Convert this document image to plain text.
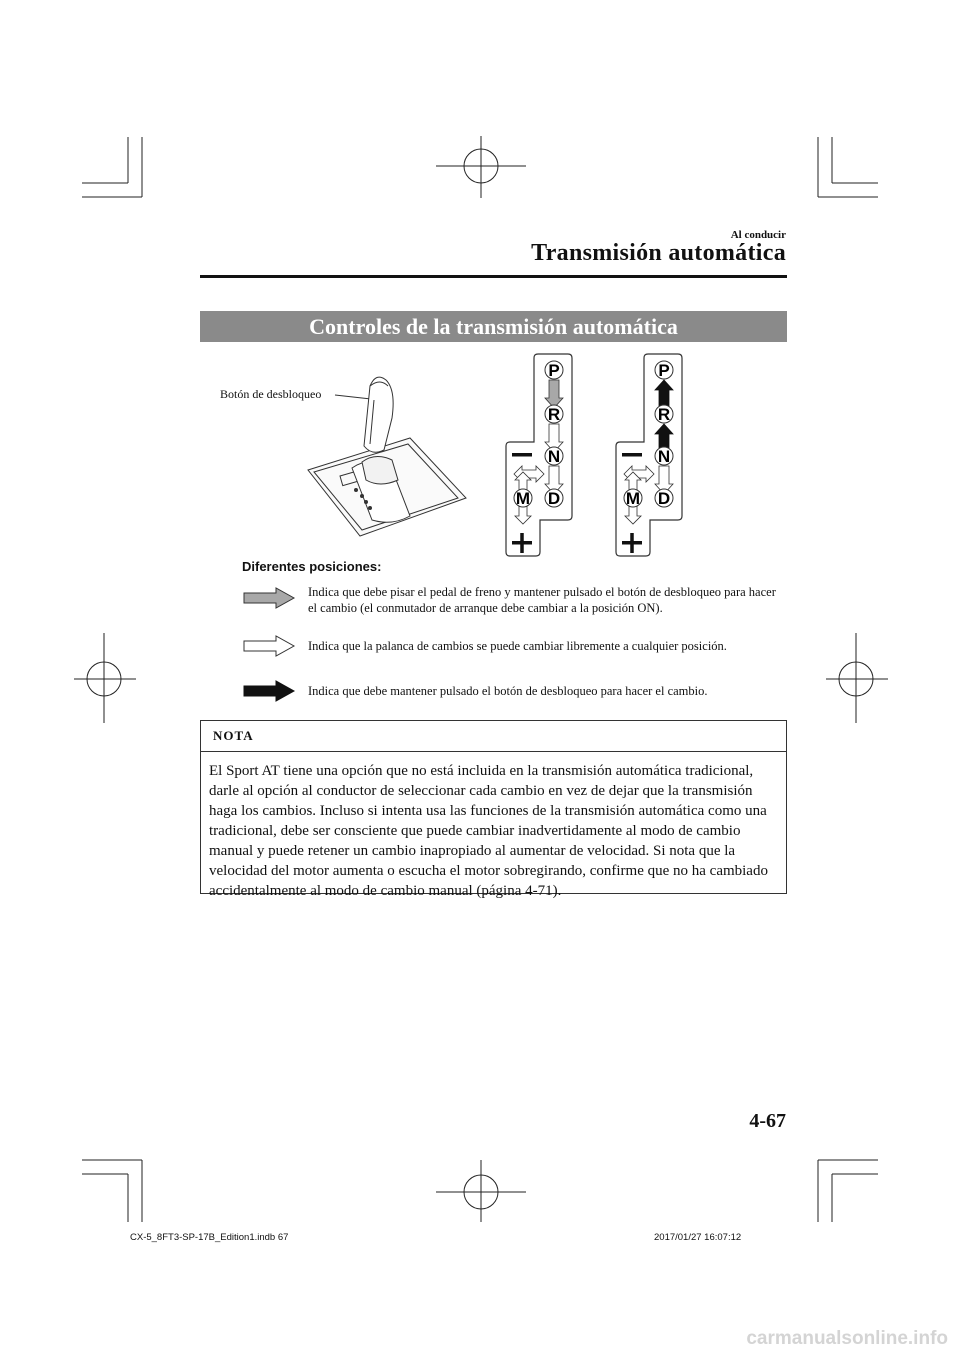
Al conducir
Transmisión automática
Controles de la transmisión automática
Botón de desbloqueo
P
R
N
D
M
P
R
N
D
M
Diferentes posiciones:
Indica que debe pisar el pedal de freno y mantener pulsado el botón de desbloqueo para hacer el cambio (el conmutador de arranque debe cambiar a la posición ON).
Indica que la palanca de cambios se puede cambiar libremente a cualquier posición.
Indica que debe mantener pulsado el botón de desbloqueo para hacer el cambio.
NOTA
El Sport AT tiene una opción que no está incluida en la transmisión automática tradicional, darle al opción al conductor de seleccionar cada cambio en vez de dejar que la transmisión haga los cambios. Incluso si intenta usa las funciones de la transmisión automática como una tradicional, debe ser consciente que puede cambiar inadvertidamente al modo de cambio manual y puede retener un cambio inapropiado al aumentar de velocidad. Si nota que la velocidad del motor aumenta o escucha el motor sobregirando, confirme que no ha cambiado accidentalmente al modo de cambio manual (página 4-71).
4-67
CX-5_8FT3-SP-17B_Edition1.indb 67	2017/01/27 16:07:12
carmanualsonline.info
